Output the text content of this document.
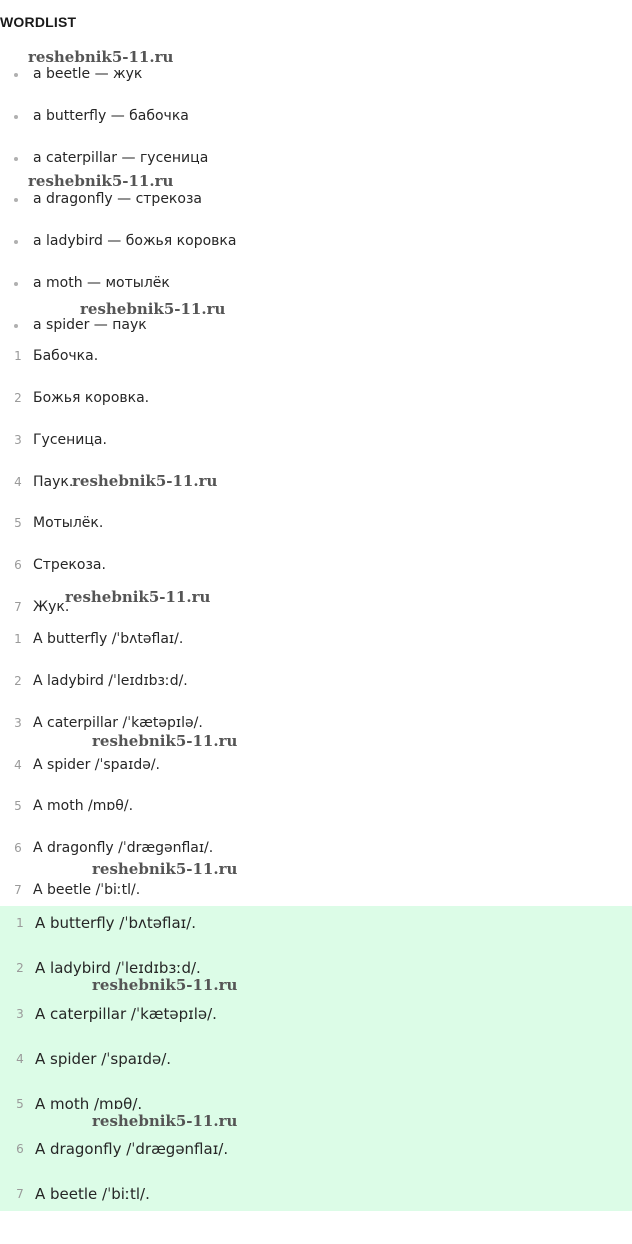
WORDLIST
a beetle — жук
a butterfly — бабочка
a caterpillar — гусеница
a dragonfly — стрекоза
a ladybird — божья коровка
a moth — мотылёк
a spider — паук
1 Бабочка.
2 Божья коровка.
3 Гусеница.
4 Паук.
5 Мотылёк.
6 Стрекоза.
7 Жук.
1 A butterfly /ˈbʌtəflaɪ/.
2 A ladybird /ˈleɪdɪbɜːd/.
3 A caterpillar /ˈkætəpɪlə/.
4 A spider /ˈspaɪdə/.
5 A moth /mɒθ/.
6 A dragonfly /ˈdrægənflaɪ/.
7 A beetle /ˈbiːtl/.
1 A butterfly /ˈbʌtəflaɪ/.
2 A ladybird /ˈleɪdɪbɜːd/.
3 A caterpillar /ˈkætəpɪlə/.
4 A spider /ˈspaɪdə/.
5 A moth /mɒθ/.
6 A dragonfly /ˈdrægənflaɪ/.
7 A beetle /ˈbiːtl/.
reshebnik5-11.ru
reshebnik5-11.ru
reshebnik5-11.ru
reshebnik5-11.ru
reshebnik5-11.ru
reshebnik5-11.ru
reshebnik5-11.ru
reshebnik5-11.ru
reshebnik5-11.ru
